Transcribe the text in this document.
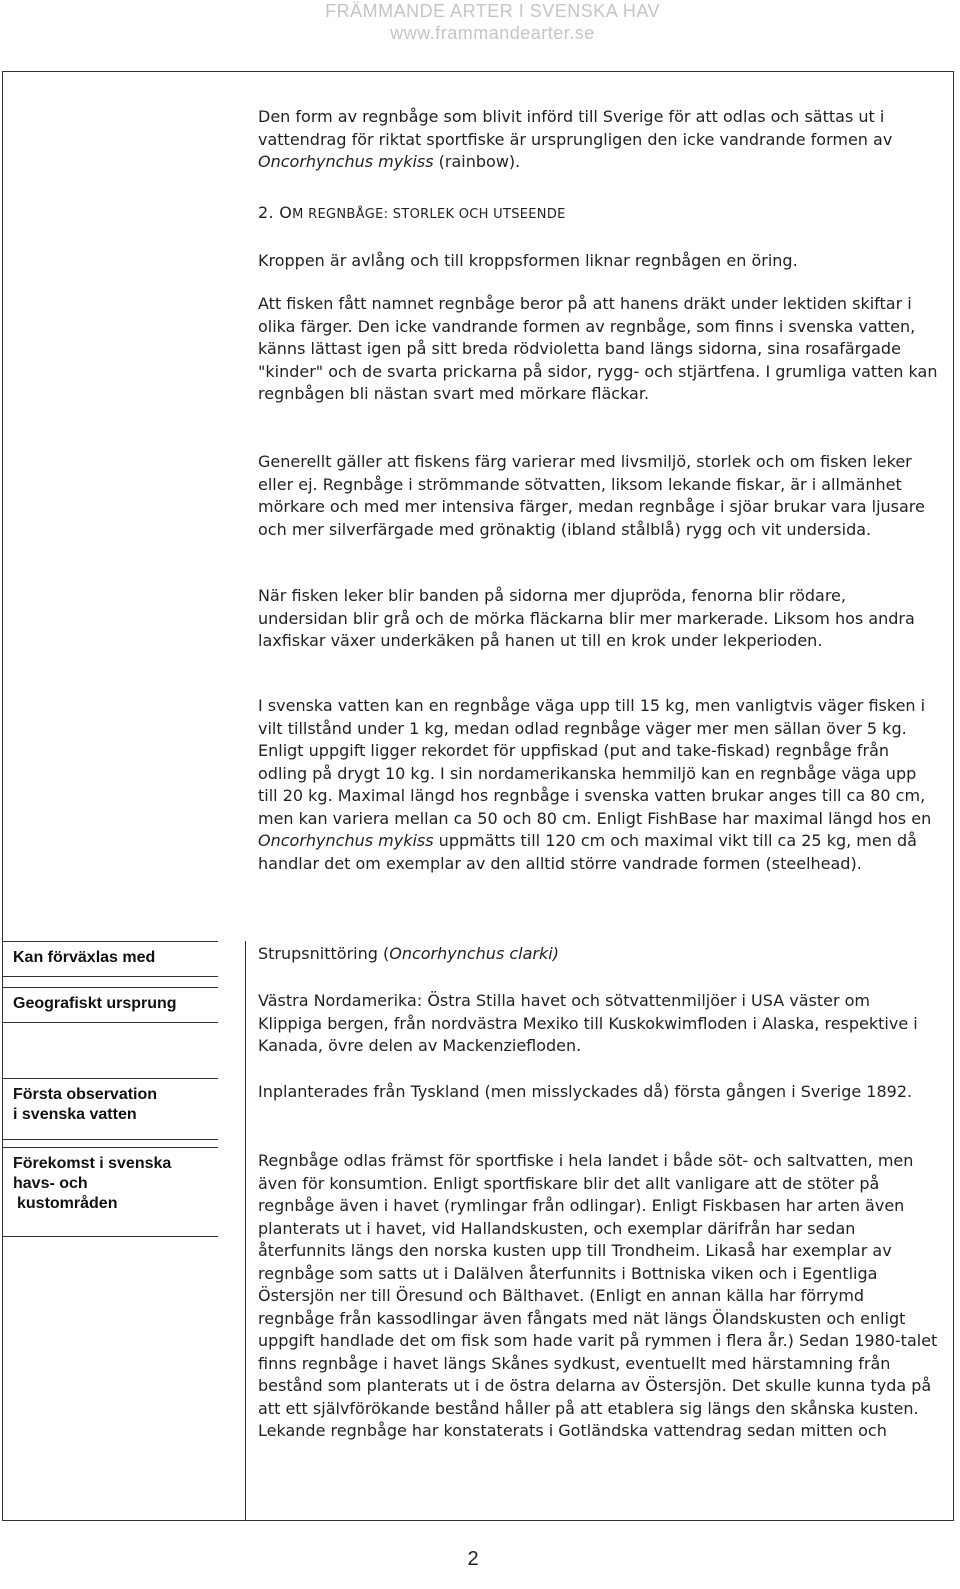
FRÄMMANDE ARTER I SVENSKA HAV
www.frammandearter.se

Den form av regnbåge som blivit införd till Sverige för att odlas och sättas ut i vattendrag för riktat sportfiske är ursprungligen den icke vandrande formen av Oncorhynchus mykiss (rainbow).

2. OM REGNBÅGE: STORLEK OCH UTSEENDE

Kroppen är avlång och till kroppsformen liknar regnbågen en öring.

Att fisken fått namnet regnbåge beror på att hanens dräkt under lektiden skiftar i olika färger. Den icke vandrande formen av regnbåge, som finns i svenska vatten, känns lättast igen på sitt breda rödvioletta band längs sidorna, sina rosafärgade "kinder" och de svarta prickarna på sidor, rygg- och stjärtfena. I grumliga vatten kan regnbågen bli nästan svart med mörkare fläckar.

Generellt gäller att fiskens färg varierar med livsmiljö, storlek och om fisken leker eller ej. Regnbåge i strömmande sötvatten, liksom lekande fiskar, är i allmänhet mörkare och med mer intensiva färger, medan regnbåge i sjöar brukar vara ljusare och mer silverfärgade med grönaktig (ibland stålblå) rygg och vit undersida.

När fisken leker blir banden på sidorna mer djupröda, fenorna blir rödare, undersidan blir grå och de mörka fläckarna blir mer markerade. Liksom hos andra laxfiskar växer underkäken på hanen ut till en krok under lekperioden.

I svenska vatten kan en regnbåge väga upp till 15 kg, men vanligtvis väger fisken i vilt tillstånd under 1 kg, medan odlad regnbåge väger mer men sällan över 5 kg. Enligt uppgift ligger rekordet för uppfiskad (put and take-fiskad) regnbåge från odling på drygt 10 kg. I sin nordamerikanska hemmiljö kan en regnbåge väga upp till 20 kg. Maximal längd hos regnbåge i svenska vatten brukar anges till ca 80 cm, men kan variera mellan ca 50 och 80 cm. Enligt FishBase har maximal längd hos en Oncorhynchus mykiss uppmätts till 120 cm och maximal vikt till ca 25 kg, men då handlar det om exemplar av den alltid större vandrade formen (steelhead).

Kan förväxlas med
Geografiskt ursprung
Första observation
i svenska vatten
Förekomst i svenska
havs- och
kustområden

Strupsnittöring (Oncorhynchus clarki)

Västra Nordamerika: Östra Stilla havet och sötvattenmiljöer i USA väster om Klippiga bergen, från nordvästra Mexiko till Kuskokwimfloden i Alaska, respektive i Kanada, övre delen av Mackenziefloden.

Inplanterades från Tyskland (men misslyckades då) första gången i Sverige 1892.

Regnbåge odlas främst för sportfiske i hela landet i både söt- och saltvatten, men även för konsumtion. Enligt sportfiskare blir det allt vanligare att de stöter på regnbåge även i havet (rymlingar från odlingar). Enligt Fiskbasen har arten även planterats ut i havet, vid Hallandskusten, och exemplar därifrån har sedan återfunnits längs den norska kusten upp till Trondheim. Likaså har exemplar av regnbåge som satts ut i Dalälven återfunnits i Bottniska viken och i Egentliga Östersjön ner till Öresund och Bälthavet. (Enligt en annan källa har förrymd regnbåge från kassodlingar även fångats med nät längs Ölandskusten och enligt uppgift handlade det om fisk som hade varit på rymmen i flera år.) Sedan 1980-talet finns regnbåge i havet längs Skånes sydkust, eventuellt med härstamning från bestånd som planterats ut i de östra delarna av Östersjön. Det skulle kunna tyda på att ett självförökande bestånd håller på att etablera sig längs den skånska kusten. Lekande regnbåge har konstaterats i Gotländska vattendrag sedan mitten och

2
